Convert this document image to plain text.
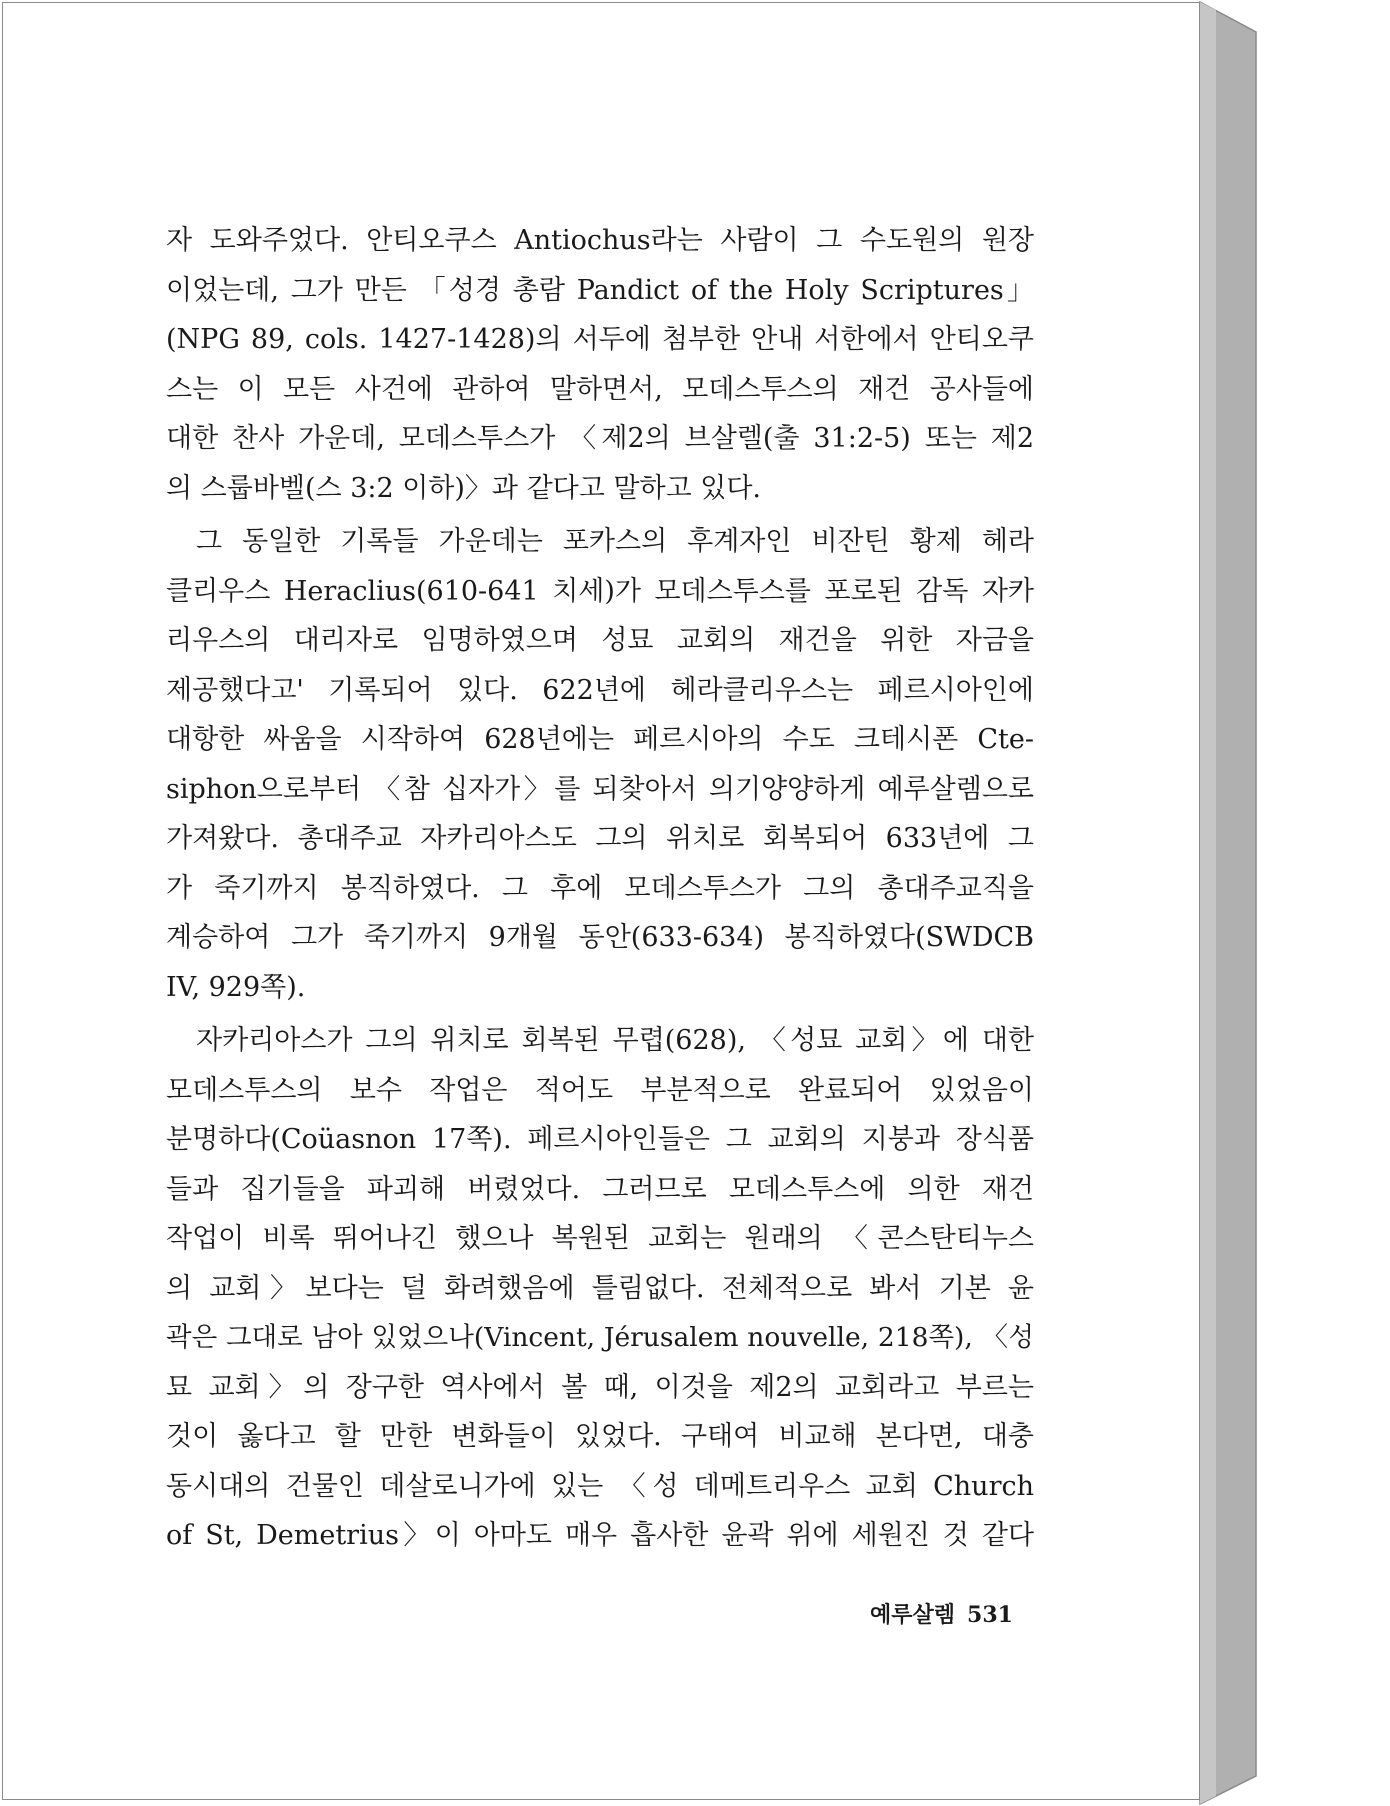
자 도와주었다. 안티오쿠스 Antiochus라는 사람이 그 수도원의 원장
이었는데, 그가 만든 「성경 총람 Pandict of the Holy Scriptures」
(NPG 89, cols. 1427-1428)의 서두에 첨부한 안내 서한에서 안티오쿠
스는 이 모든 사건에 관하여 말하면서, 모데스투스의 재건 공사들에
대한 찬사 가운데, 모데스투스가 〈제2의 브살렐(출 31:2-5) 또는 제2
의 스룹바벨(스 3:2 이하)〉과 같다고 말하고 있다.
그 동일한 기록들 가운데는 포카스의 후계자인 비잔틴 황제 헤라
클리우스 Heraclius(610-641 치세)가 모데스투스를 포로된 감독 자카
리우스의 대리자로 임명하였으며 성묘 교회의 재건을 위한 자금을
제공했다고' 기록되어 있다. 622년에 헤라클리우스는 페르시아인에
대항한 싸움을 시작하여 628년에는 페르시아의 수도 크테시폰 Cte-
siphon으로부터 〈참 십자가〉를 되찾아서 의기양양하게 예루살렘으로
가져왔다. 총대주교 자카리아스도 그의 위치로 회복되어 633년에 그
가 죽기까지 봉직하였다. 그 후에 모데스투스가 그의 총대주교직을
계승하여 그가 죽기까지 9개월 동안(633-634) 봉직하였다(SWDCB
IV, 929쪽).
자카리아스가 그의 위치로 회복된 무렵(628), 〈성묘 교회〉에 대한
모데스투스의 보수 작업은 적어도 부분적으로 완료되어 있었음이
분명하다(Coüasnon 17쪽). 페르시아인들은 그 교회의 지붕과 장식품
들과 집기들을 파괴해 버렸었다. 그러므로 모데스투스에 의한 재건
작업이 비록 뛰어나긴 했으나 복원된 교회는 원래의 〈콘스탄티누스
의 교회〉보다는 덜 화려했음에 틀림없다. 전체적으로 봐서 기본 윤
곽은 그대로 남아 있었으나(Vincent, Jérusalem nouvelle, 218쪽), 〈성
묘 교회〉의 장구한 역사에서 볼 때, 이것을 제2의 교회라고 부르는
것이 옳다고 할 만한 변화들이 있었다. 구태여 비교해 본다면, 대충
동시대의 건물인 데살로니가에 있는 〈성 데메트리우스 교회 Church
of St, Demetrius〉이 아마도 매우 흡사한 윤곽 위에 세원진 것 같다
예루살렘 531
